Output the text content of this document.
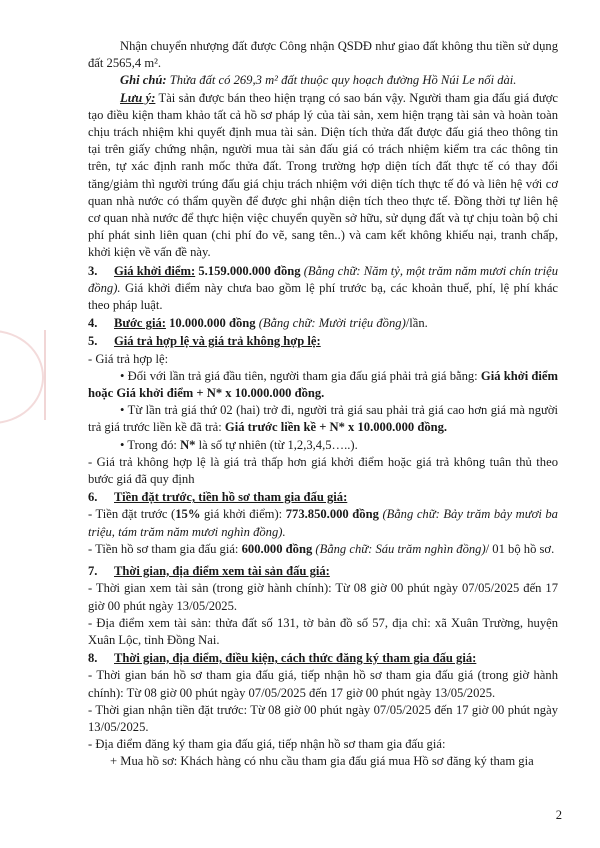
Nhận chuyển nhượng đất được Công nhận QSDĐ như giao đất không thu tiền sử dụng đất 2565,4 m².

Ghi chú: Thửa đất có 269,3 m² đất thuộc quy hoạch đường Hồ Núi Le nối dài.

Lưu ý: Tài sản được bán theo hiện trạng có sao bán vậy. Người tham gia đấu giá được tạo điều kiện tham khảo tất cả hồ sơ pháp lý của tài sản, xem hiện trạng tài sản và hoàn toàn chịu trách nhiệm khi quyết định mua tài sản. Diện tích thửa đất được đấu giá theo thông tin tại trên giấy chứng nhận, người mua tài sản đấu giá có trách nhiệm kiểm tra các thông tin trên, tự xác định ranh mốc thửa đất. Trong trường hợp diện tích đất thực tế có thay đổi tăng/giảm thì người trúng đấu giá chịu trách nhiệm với diện tích thực tế đó và liên hệ với cơ quan nhà nước có thẩm quyền để được ghi nhận diện tích theo thực tế. Đồng thời tự liên hệ cơ quan nhà nước để thực hiện việc chuyển quyền sở hữu, sử dụng đất và tự chịu toàn bộ chi phí phát sinh liên quan (chi phí đo vẽ, sang tên..) và cam kết không khiếu nại, tranh chấp, khởi kiện về vấn đề này.

3. Giá khởi điểm: 5.159.000.000 đồng (Bằng chữ: Năm tỷ, một trăm năm mươi chín triệu đồng). Giá khởi điểm này chưa bao gồm lệ phí trước bạ, các khoản thuế, phí, lệ phí khác theo pháp luật.

4. Bước giá: 10.000.000 đồng (Bằng chữ: Mười triệu đồng)/lần.

5. Giá trả hợp lệ và giá trả không hợp lệ:

- Giá trả hợp lệ:

• Đối với lần trả giá đầu tiên, người tham gia đấu giá phải trả giá bằng: Giá khởi điểm hoặc Giá khởi điểm + N* x 10.000.000 đồng.

• Từ lần trả giá thứ 02 (hai) trở đi, người trả giá sau phải trả giá cao hơn giá mà người trả giá trước liền kề đã trả: Giá trước liền kề + N* x 10.000.000 đồng.

• Trong đó: N* là số tự nhiên (từ 1,2,3,4,5…..).

- Giá trả không hợp lệ là giá trả thấp hơn giá khởi điểm hoặc giá trả không tuân thủ theo bước giá đã quy định

6. Tiền đặt trước, tiền hồ sơ tham gia đấu giá:

- Tiền đặt trước (15% giá khởi điểm): 773.850.000 đồng (Bằng chữ: Bảy trăm bảy mươi ba triệu, tám trăm năm mươi nghìn đồng).

- Tiền hồ sơ tham gia đấu giá: 600.000 đồng (Bằng chữ: Sáu trăm nghìn đồng)/ 01 bộ hồ sơ.

7. Thời gian, địa điểm xem tài sản đấu giá:

- Thời gian xem tài sản (trong giờ hành chính): Từ 08 giờ 00 phút ngày 07/05/2025 đến 17 giờ 00 phút ngày 13/05/2025.

- Địa điểm xem tài sản: thửa đất số 131, tờ bản đồ số 57, địa chỉ: xã Xuân Trường, huyện Xuân Lộc, tỉnh Đồng Nai.

8. Thời gian, địa điểm, điều kiện, cách thức đăng ký tham gia đấu giá:

- Thời gian bán hồ sơ tham gia đấu giá, tiếp nhận hồ sơ tham gia đấu giá (trong giờ hành chính): Từ 08 giờ 00 phút ngày 07/05/2025 đến 17 giờ 00 phút ngày 13/05/2025.

- Thời gian nhận tiền đặt trước: Từ 08 giờ 00 phút ngày 07/05/2025 đến 17 giờ 00 phút ngày 13/05/2025.

- Địa điểm đăng ký tham gia đấu giá, tiếp nhận hồ sơ tham gia đấu giá:

+ Mua hồ sơ: Khách hàng có nhu cầu tham gia đấu giá mua Hồ sơ đăng ký tham gia

2
